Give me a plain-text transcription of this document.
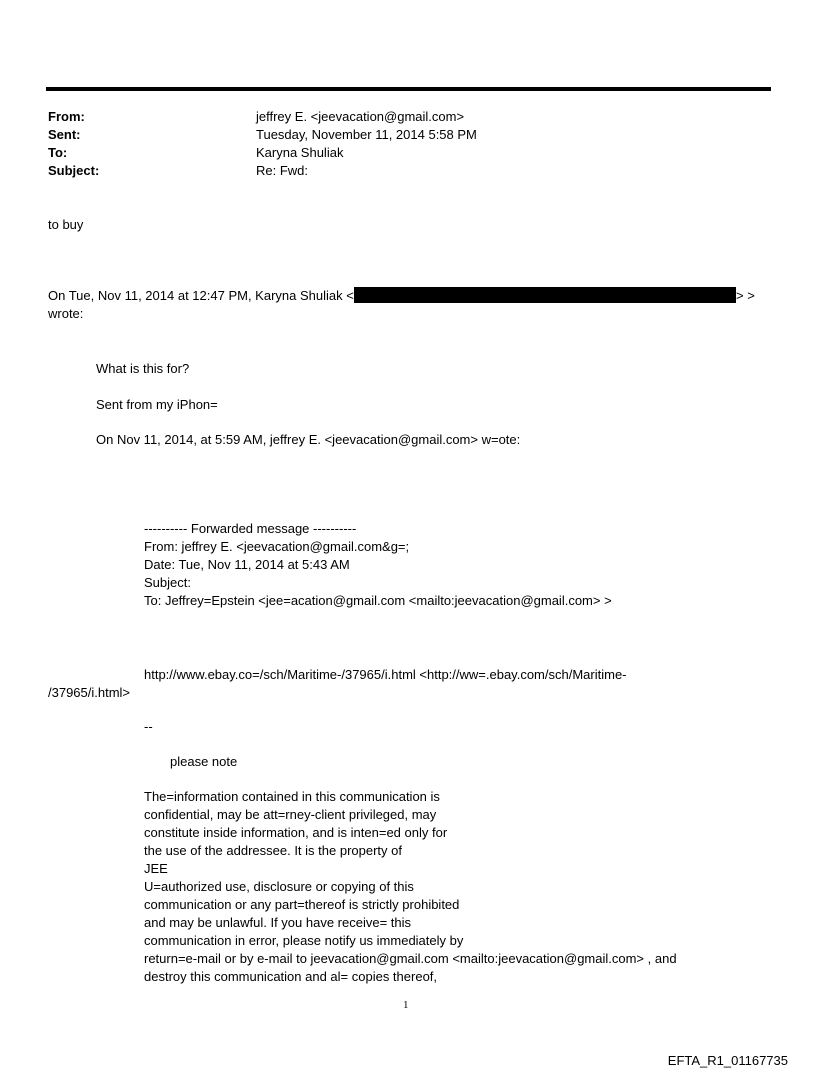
From:	jeffrey E. <jeevacation@gmail.com>
Sent:	Tuesday, November 11, 2014 5:58 PM
To:	Karyna Shuliak
Subject:	Re: Fwd:
to buy
On Tue, Nov 11, 2014 at 12:47 PM, Karyna Shuliak <	> >
wrote:
What is this for?
Sent from my iPhon=
On Nov 11, 2014, at 5:59 AM, jeffrey E. <jeevacation@gmail.com> w=ote:
---------- Forwarded message ----------
From: jeffrey E. <jeevacation@gmail.com&g=;
Date: Tue, Nov 11, 2014 at 5:43 AM
Subject:
To: Jeffrey=Epstein <jee=acation@gmail.com <mailto:jeevacation@gmail.com> >
http://www.ebay.co=/sch/Maritime-/37965/i.html <http://ww=.ebay.com/sch/Maritime-
/37965/i.html>
--
please note
The=information contained in this communication is
confidential, may be att=rney-client privileged, may
constitute inside information, and is inten=ed only for
the use of the addressee. It is the property of
JEE
U=authorized use, disclosure or copying of this
communication or any part=thereof is strictly prohibited
and may be unlawful. If you have receive= this
communication in error, please notify us immediately by
return=e-mail or by e-mail to jeevacation@gmail.com <mailto:jeevacation@gmail.com> , and
destroy this communication and al= copies thereof,
1
EFTA_R1_01167735
